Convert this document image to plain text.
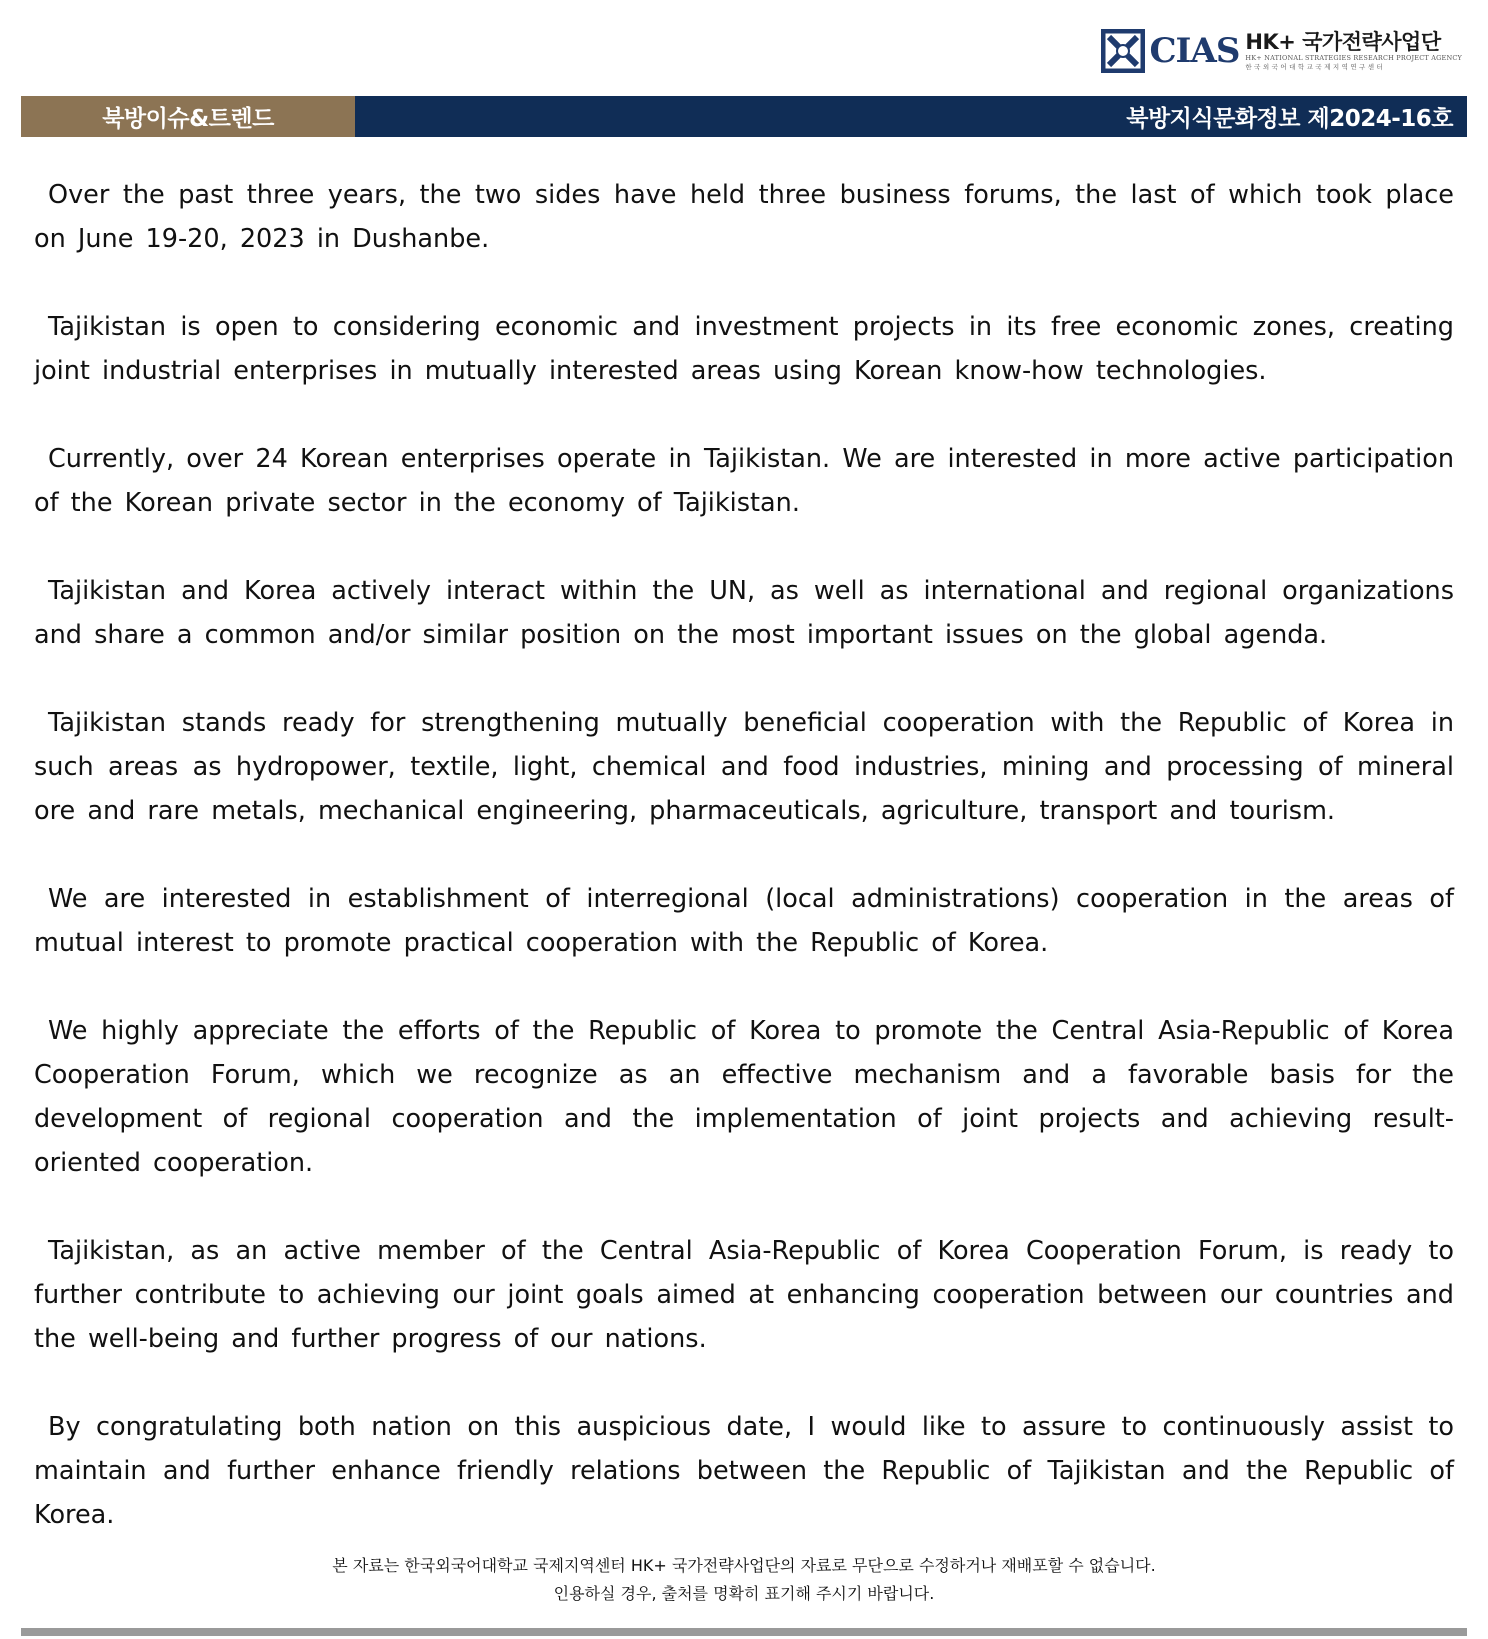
CIAS HK+ 국가전략사업단
HK+ NATIONAL STRATEGIES RESEARCH PROJECT AGENCY
한 국 외 국 어 대 학 교 국 제 지 역 연 구 센 터
북방이슈&트렌드	북방지식문화정보 제2024-16호

Over the past three years, the two sides have held three business forums, the last of which took place on June 19-20, 2023 in Dushanbe.

Tajikistan is open to considering economic and investment projects in its free economic zones, creating joint industrial enterprises in mutually interested areas using Korean know-how technologies.

Currently, over 24 Korean enterprises operate in Tajikistan. We are interested in more active participation of the Korean private sector in the economy of Tajikistan.

Tajikistan and Korea actively interact within the UN, as well as international and regional organizations and share a common and/or similar position on the most important issues on the global agenda.

Tajikistan stands ready for strengthening mutually beneficial cooperation with the Republic of Korea in such areas as hydropower, textile, light, chemical and food industries, mining and processing of mineral ore and rare metals, mechanical engineering, pharmaceuticals, agriculture, transport and tourism.

We are interested in establishment of interregional (local administrations) cooperation in the areas of mutual interest to promote practical cooperation with the Republic of Korea.

We highly appreciate the efforts of the Republic of Korea to promote the Central Asia-Republic of Korea Cooperation Forum, which we recognize as an effective mechanism and a favorable basis for the development of regional cooperation and the implementation of joint projects and achieving result-oriented cooperation.

Tajikistan, as an active member of the Central Asia-Republic of Korea Cooperation Forum, is ready to further contribute to achieving our joint goals aimed at enhancing cooperation between our countries and the well-being and further progress of our nations.

By congratulating both nation on this auspicious date, I would like to assure to continuously assist to maintain and further enhance friendly relations between the Republic of Tajikistan and the Republic of Korea.

본 자료는 한국외국어대학교 국제지역센터 HK+ 국가전략사업단의 자료로 무단으로 수정하거나 재배포할 수 없습니다.
인용하실 경우, 출처를 명확히 표기해 주시기 바랍니다.
